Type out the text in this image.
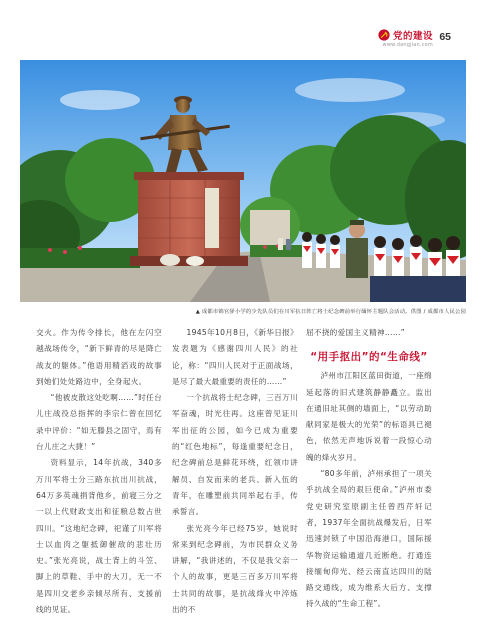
党的建设
www.dangjian.com
65
▲ 成都市锦官驿小学的少先队员们在川军抗日阵亡将士纪念碑前举行缅怀主题队会活动。供图 / 成都市人民公园

交火。作为传令排长，他在左闪空越战场传令，“新下鲜青的尽是降亡战友的躯体。”他语用精滔戏的故事到她们处处路边中，全身起火。

“他被皮散这处吃啊……”时任台儿庄战役总指挥的李宗仁曾在回忆录中评价：“如无滕县之固守，焉有台儿庄之大捷！”

资料显示，14年抗战，340多万川军将士分三路东抗出川抗战，64万多英魂捐背他乡，前寝三分之一以上代财政支出和征粮总数占世四川。“这地纪念碑，祀谨了川军将士以血肉之躯抵御催敌的悲壮历史。”张光亮说，战士背上的斗笠、脚上的草鞋、手中的大刀，无一不是四川交老乡亲倾尽所有、支援前线的见证。

1945年10月8日，《新华日报》发表题为《感谢四川人民》的社论，称：“四川人民对于正面战场，是尽了最大最重要的责任的……”

一个抗战将士纪念碑，三百万川军奋魂，时光往再。这座曾见证川军出征的公园，如今已成为重要的“红色地标”，每逢重要纪念日，纪念碑前总是鲜花环绕，红领巾讲解员、自发而来的老兵、新入伍的青年，在雕塑前共同举起右手，传承誓言。

张光亮今年已经75岁，她说时常来到纪念碑前，为市民群众义务讲解，“我讲述的，不仅是我父亲一个人的故事，更是三百多万川军将士共同的故事，是抗战烽火中淬炼出的不

屈不挠的爱国主义精神……”

“用手抠出”的“生命线”

泸州市江阳区蓝田街道，一座绵延起落的旧式建筑静静矗立。监出在通旧址其侧的墙面上，“以劳动助献同家是极大的光荣”的标语具已褪色，依然无声地诉说着一段惊心动魄的烽火岁月。

“80多年前，泸州承担了一项关乎抗战全局的艰巨使命。”泸州市委党史研究室原副主任曾西芹轩记者，1937年全面抗战爆发后，日军迅速封锁了中国沿海港口，国际援华物资运输通道几近断绝。打通连接缅甸仰光、经云南直达四川的陆路交通线，成为维系大后方、支撑持久战的“生命工程”。
